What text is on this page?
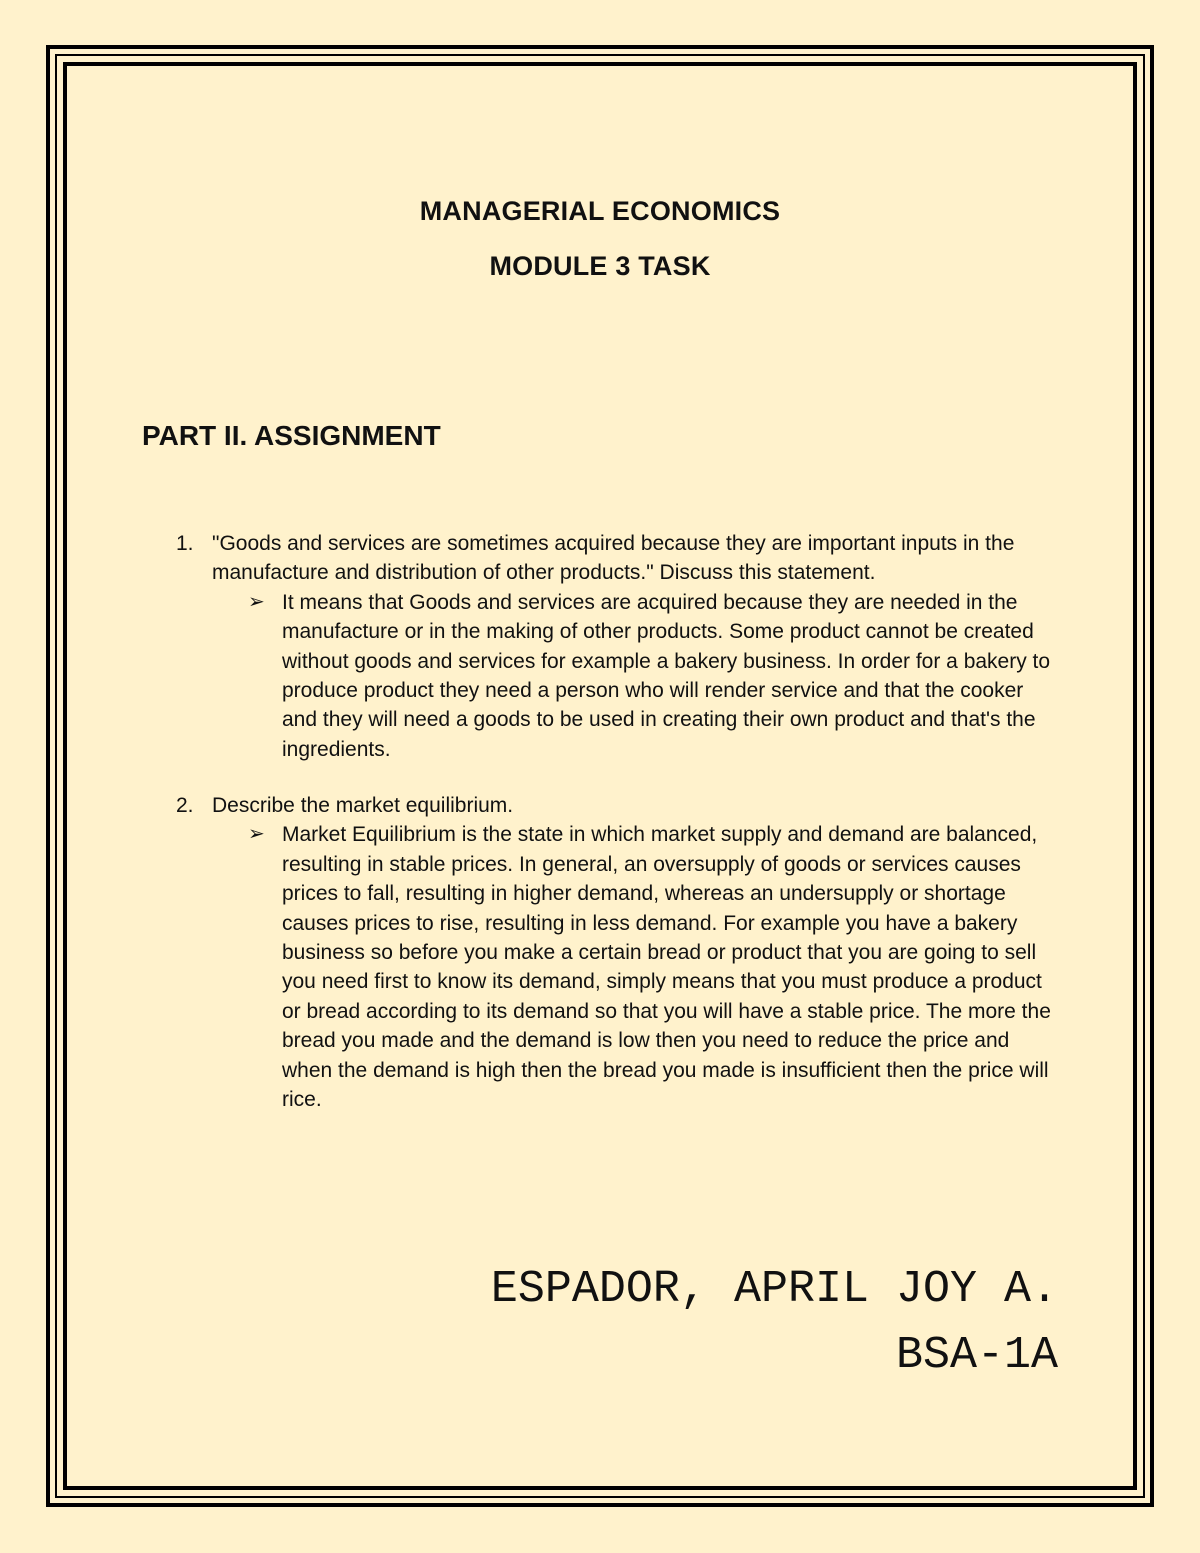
MANAGERIAL ECONOMICS
MODULE 3 TASK
PART II. ASSIGNMENT
1. "Goods and services are sometimes acquired because they are important inputs in the manufacture and distribution of other products." Discuss this statement.
➢ It means that Goods and services are acquired because they are needed in the manufacture or in the making of other products. Some product cannot be created without goods and services for example a bakery business. In order for a bakery to produce product they need a person who will render service and that the cooker and they will need a goods to be used in creating their own product and that's the ingredients.
2. Describe the market equilibrium.
➢ Market Equilibrium is the state in which market supply and demand are balanced, resulting in stable prices. In general, an oversupply of goods or services causes prices to fall, resulting in higher demand, whereas an undersupply or shortage causes prices to rise, resulting in less demand. For example you have a bakery business so before you make a certain bread or product that you are going to sell you need first to know its demand, simply means that you must produce a product or bread according to its demand so that you will have a stable price. The more the bread you made and the demand is low then you need to reduce the price and when the demand is high then the bread you made is insufficient then the price will rice.
ESPADOR, APRIL JOY A.
BSA-1A
